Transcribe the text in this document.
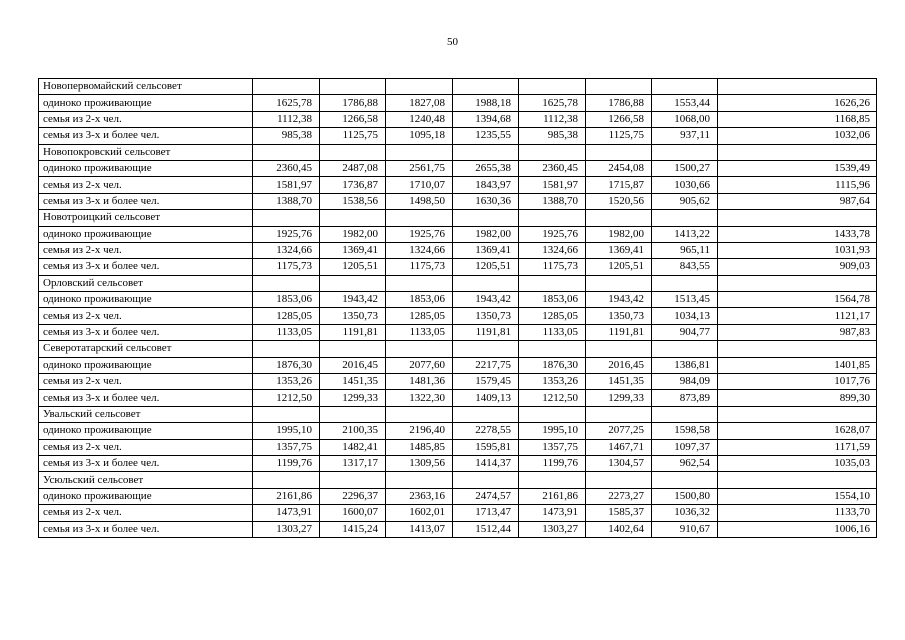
50
Новопервомайский сельсовет								
одиноко проживающие	1625,78	1786,88	1827,08	1988,18	1625,78	1786,88	1553,44	1626,26
семья из 2-х чел.	1112,38	1266,58	1240,48	1394,68	1112,38	1266,58	1068,00	1168,85
семья из 3-х и более чел.	985,38	1125,75	1095,18	1235,55	985,38	1125,75	937,11	1032,06
Новопокровский сельсовет								
одиноко проживающие	2360,45	2487,08	2561,75	2655,38	2360,45	2454,08	1500,27	1539,49
семья из 2-х чел.	1581,97	1736,87	1710,07	1843,97	1581,97	1715,87	1030,66	1115,96
семья из 3-х и более чел.	1388,70	1538,56	1498,50	1630,36	1388,70	1520,56	905,62	987,64
Новотроицкий сельсовет								
одиноко проживающие	1925,76	1982,00	1925,76	1982,00	1925,76	1982,00	1413,22	1433,78
семья из 2-х чел.	1324,66	1369,41	1324,66	1369,41	1324,66	1369,41	965,11	1031,93
семья из 3-х и более чел.	1175,73	1205,51	1175,73	1205,51	1175,73	1205,51	843,55	909,03
Орловский сельсовет								
одиноко проживающие	1853,06	1943,42	1853,06	1943,42	1853,06	1943,42	1513,45	1564,78
семья из 2-х чел.	1285,05	1350,73	1285,05	1350,73	1285,05	1350,73	1034,13	1121,17
семья из 3-х и более чел.	1133,05	1191,81	1133,05	1191,81	1133,05	1191,81	904,77	987,83
Северотатарский сельсовет								
одиноко проживающие	1876,30	2016,45	2077,60	2217,75	1876,30	2016,45	1386,81	1401,85
семья из 2-х чел.	1353,26	1451,35	1481,36	1579,45	1353,26	1451,35	984,09	1017,76
семья из 3-х и более чел.	1212,50	1299,33	1322,30	1409,13	1212,50	1299,33	873,89	899,30
Увальский сельсовет								
одиноко проживающие	1995,10	2100,35	2196,40	2278,55	1995,10	2077,25	1598,58	1628,07
семья из 2-х чел.	1357,75	1482,41	1485,85	1595,81	1357,75	1467,71	1097,37	1171,59
семья из 3-х и более чел.	1199,76	1317,17	1309,56	1414,37	1199,76	1304,57	962,54	1035,03
Усюльский сельсовет								
одиноко проживающие	2161,86	2296,37	2363,16	2474,57	2161,86	2273,27	1500,80	1554,10
семья из 2-х чел.	1473,91	1600,07	1602,01	1713,47	1473,91	1585,37	1036,32	1133,70
семья из 3-х и более чел.	1303,27	1415,24	1413,07	1512,44	1303,27	1402,64	910,67	1006,16
